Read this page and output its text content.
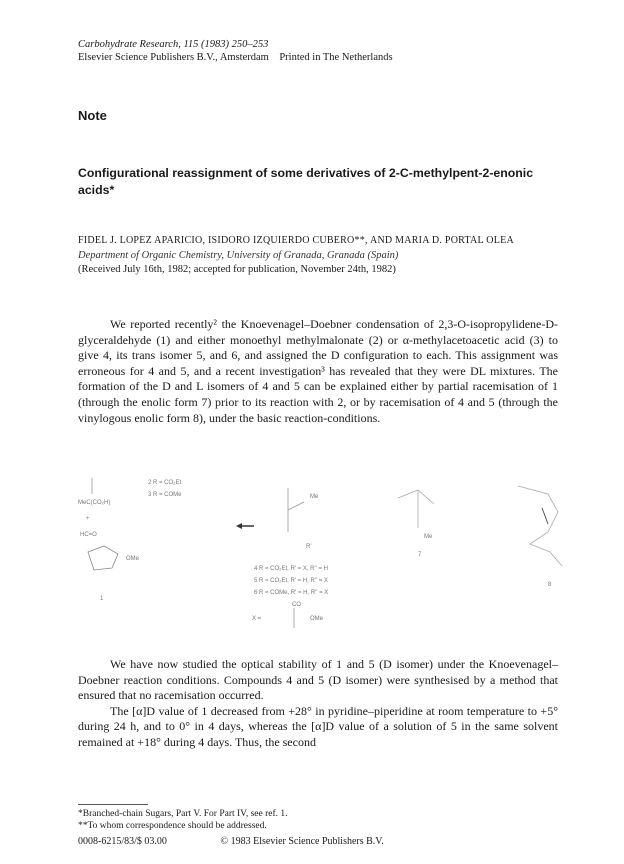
Carbohydrate Research, 115 (1983) 250–253
Elsevier Science Publishers B.V., Amsterdam    Printed in The Netherlands
Note
Configurational reassignment of some derivatives of 2-C-methylpent-2-enonic acids*
FIDEL J. LOPEZ APARICIO, ISIDORO IZQUIERDO CUBERO**, AND MARIA D. PORTAL OLEA
Department of Organic Chemistry, University of Granada, Granada (Spain)
(Received July 16th, 1982; accepted for publication, November 24th, 1982)

We reported recently² the Knoevenagel–Doebner condensation of 2,3-O-isopropylidene-D-glyceraldehyde (1) and either monoethyl methylmalonate (2) or α-methylacetoacetic acid (3) to give 4, its trans isomer 5, and 6, and assigned the D configuration to each. This assignment was erroneous for 4 and 5, and a recent investigation³ has revealed that they were DL mixtures. The formation of the D and L isomers of 4 and 5 can be explained either by partial racemisation of 1 (through the enolic form 7) prior to its reaction with 2, or by racemisation of 4 and 5 (through the vinylogous enolic form 8), under the basic reaction-conditions.

MeC(CO₂H)
+
HC=O
OMe
1
2 R = CO₂Et
3 R = COMe	Me
R'
4 R = CO₂Et, R' = X, R'' = H
5 R = CO₂Et, R' = H, R'' = X
6 R = COMe, R' = H, R'' = X
CO
X =	OMe
Me
7
8

We have now studied the optical stability of 1 and 5 (D isomer) under the Knoevenagel–Doebner reaction conditions. Compounds 4 and 5 (D isomer) were synthesised by a method that ensured that no racemisation occurred.

The [α]D value of 1 decreased from +28° in pyridine–piperidine at room temperature to +5° during 24 h, and to 0° in 4 days, whereas the [α]D value of a solution of 5 in the same solvent remained at +18° during 4 days. Thus, the second

*Branched-chain Sugars, Part V. For Part IV, see ref. 1.
**To whom correspondence should be addressed.
0008-6215/83/$ 03.00	© 1983 Elsevier Science Publishers B.V.
